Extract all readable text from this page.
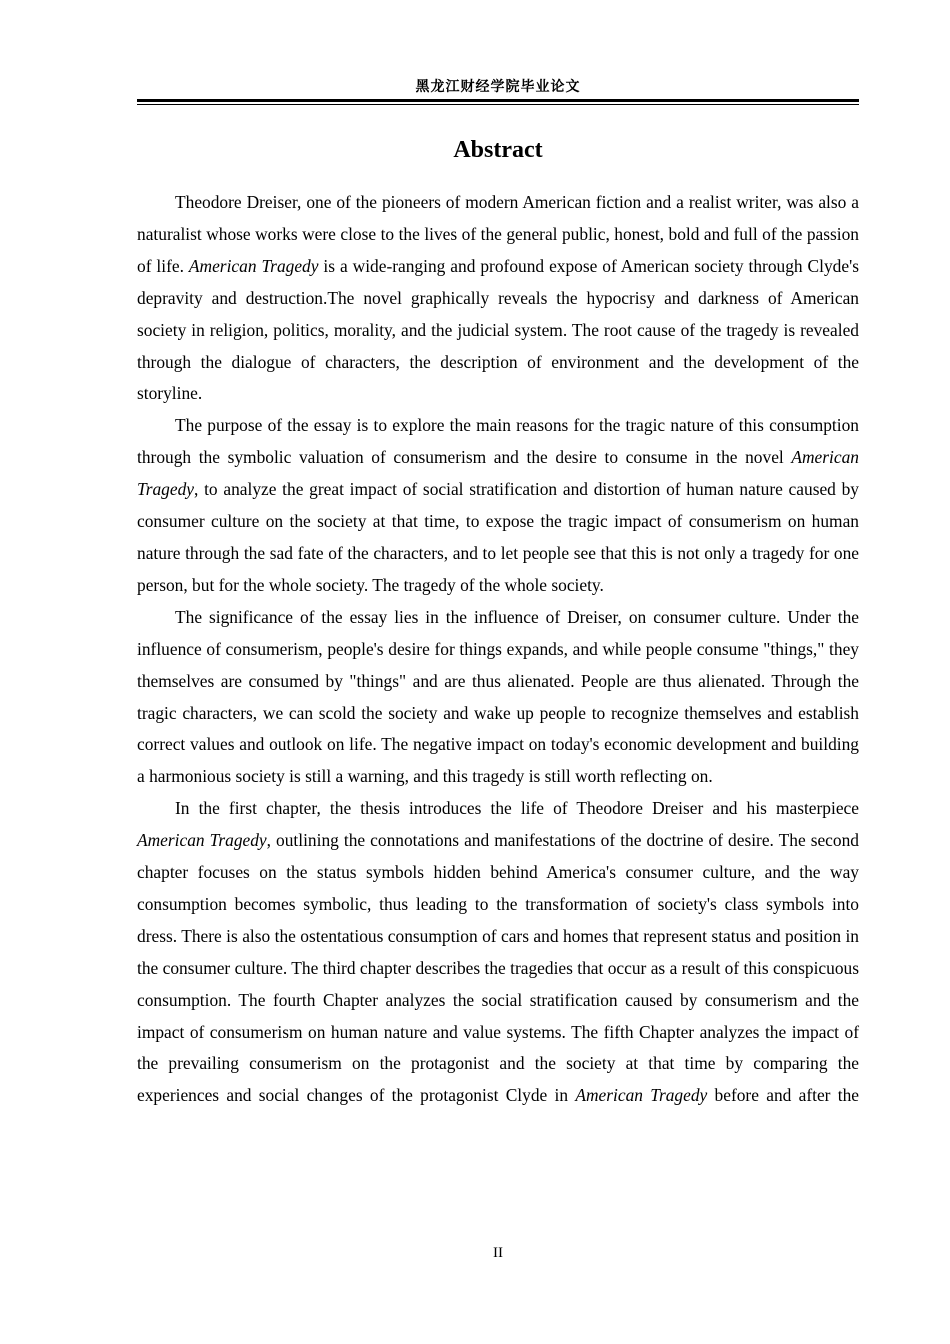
黑龙江财经学院毕业论文
Abstract

Theodore Dreiser, one of the pioneers of modern American fiction and a realist writer, was also a naturalist whose works were close to the lives of the general public, honest, bold and full of the passion of life. American Tragedy is a wide-ranging and profound expose of American society through Clyde's depravity and destruction.The novel graphically reveals the hypocrisy and darkness of American society in religion, politics, morality, and the judicial system. The root cause of the tragedy is revealed through the dialogue of characters, the description of environment and the development of the storyline.

The purpose of the essay is to explore the main reasons for the tragic nature of this consumption through the symbolic valuation of consumerism and the desire to consume in the novel American Tragedy, to analyze the great impact of social stratification and distortion of human nature caused by consumer culture on the society at that time, to expose the tragic impact of consumerism on human nature through the sad fate of the characters, and to let people see that this is not only a tragedy for one person, but for the whole society. The tragedy of the whole society.

The significance of the essay lies in the influence of Dreiser, on consumer culture. Under the influence of consumerism, people's desire for things expands, and while people consume "things," they themselves are consumed by "things" and are thus alienated. People are thus alienated. Through the tragic characters, we can scold the society and wake up people to recognize themselves and establish correct values and outlook on life. The negative impact on today's economic development and building a harmonious society is still a warning, and this tragedy is still worth reflecting on.

In the first chapter, the thesis introduces the life of Theodore Dreiser and his masterpiece American Tragedy, outlining the connotations and manifestations of the doctrine of desire. The second chapter focuses on the status symbols hidden behind America's consumer culture, and the way consumption becomes symbolic, thus leading to the transformation of society's class symbols into dress. There is also the ostentatious consumption of cars and homes that represent status and position in the consumer culture. The third chapter describes the tragedies that occur as a result of this conspicuous consumption. The fourth Chapter analyzes the social stratification caused by consumerism and the impact of consumerism on human nature and value systems. The fifth Chapter analyzes the impact of the prevailing consumerism on the protagonist and the society at that time by comparing the experiences and social changes of the protagonist Clyde in American Tragedy before and after the

II
